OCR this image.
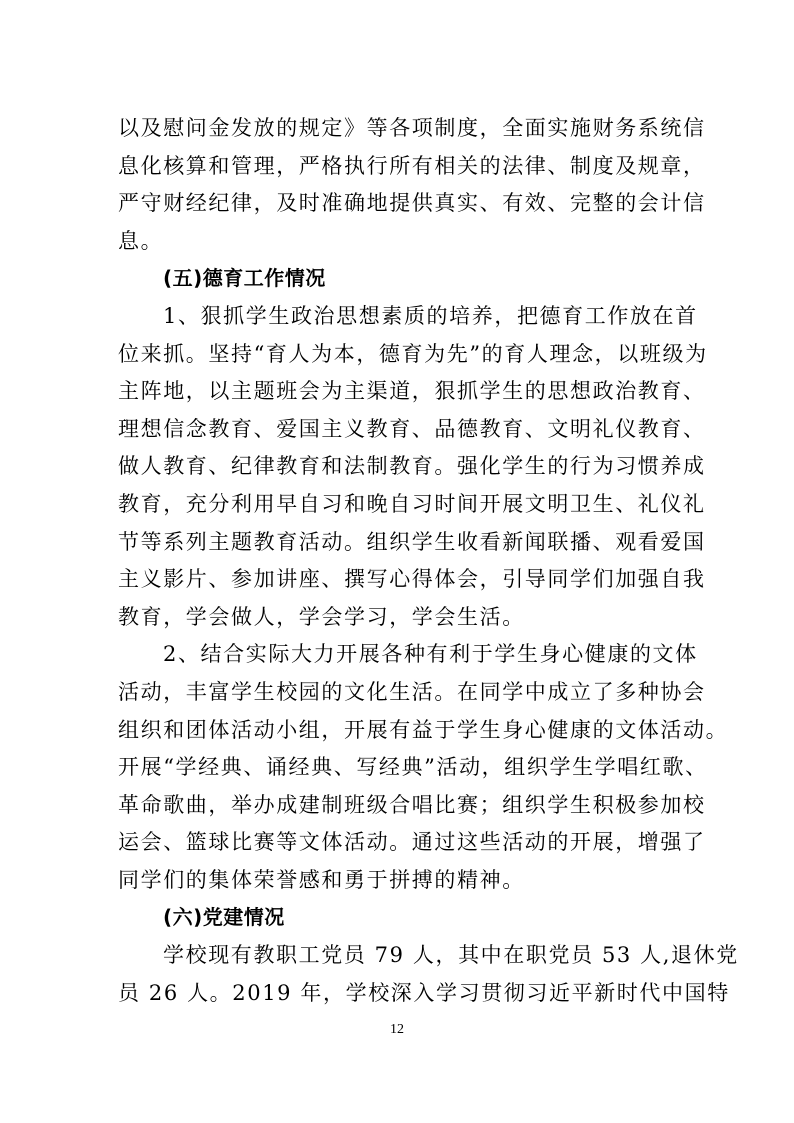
以及慰问金发放的规定》等各项制度，全面实施财务系统信
息化核算和管理，严格执行所有相关的法律、制度及规章，
严守财经纪律，及时准确地提供真实、有效、完整的会计信
息。
(五)德育工作情况
1、狠抓学生政治思想素质的培养，把德育工作放在首
位来抓。坚持“育人为本，德育为先”的育人理念，以班级为
主阵地，以主题班会为主渠道，狠抓学生的思想政治教育、
理想信念教育、爱国主义教育、品德教育、文明礼仪教育、
做人教育、纪律教育和法制教育。强化学生的行为习惯养成
教育，充分利用早自习和晚自习时间开展文明卫生、礼仪礼
节等系列主题教育活动。组织学生收看新闻联播、观看爱国
主义影片、参加讲座、撰写心得体会，引导同学们加强自我
教育，学会做人，学会学习，学会生活。
2、结合实际大力开展各种有利于学生身心健康的文体
活动，丰富学生校园的文化生活。在同学中成立了多种协会
组织和团体活动小组，开展有益于学生身心健康的文体活动。
开展“学经典、诵经典、写经典”活动，组织学生学唱红歌、
革命歌曲，举办成建制班级合唱比赛；组织学生积极参加校
运会、篮球比赛等文体活动。通过这些活动的开展，增强了
同学们的集体荣誉感和勇于拼搏的精神。
(六)党建情况
学校现有教职工党员 79 人，其中在职党员 53 人,退休党
员 26 人。2019 年，学校深入学习贯彻习近平新时代中国特
12
